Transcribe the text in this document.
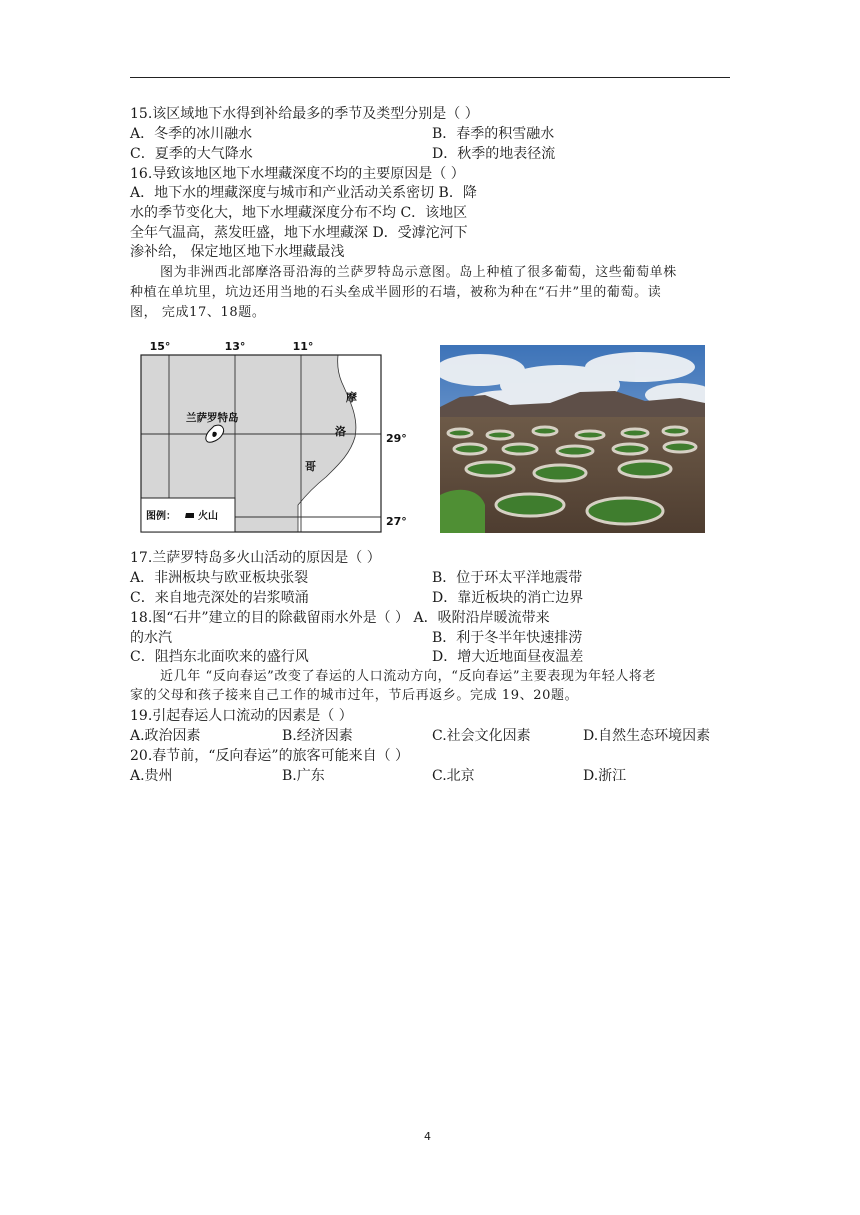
15.该区域地下水得到补给最多的季节及类型分别是（ ）
A．冬季的冰川融水	B．春季的积雪融水
C．夏季的大气降水	D．秋季的地表径流
16.导致该地区地下水埋藏深度不均的主要原因是（ ）
A．地下水的埋藏深度与城市和产业活动关系密切 B．降
水的季节变化大，地下水埋藏深度分布不均 C．该地区
全年气温高，蒸发旺盛，地下水埋藏深 D．受滹沱河下
渗补给， 保定地区地下水埋藏最浅
图为非洲西北部摩洛哥沿海的兰萨罗特岛示意图。岛上种植了很多葡萄，这些葡萄单株
种植在单坑里，坑边还用当地的石头垒成半圆形的石墙，被称为种在“石井”里的葡萄。读
图， 完成17、18题。
15°	13°	11°
29°
27°
兰萨罗特岛
摩
洛
哥
图例： 火山
17.兰萨罗特岛多火山活动的原因是（ ）
A．非洲板块与欧亚板块张裂	B．位于环太平洋地震带
C．来自地壳深处的岩浆喷涌	D．靠近板块的消亡边界
18.图“石井”建立的目的除截留雨水外是（ ） A．吸附沿岸暖流带来
的水汽	B．利于冬半年快速排涝
C．阻挡东北面吹来的盛行风	D．增大近地面昼夜温差
近几年 “反向春运”改变了春运的人口流动方向，“反向春运”主要表现为年轻人将老
家的父母和孩子接来自己工作的城市过年，节后再返乡。完成 19、20题。
19.引起春运人口流动的因素是（ ）
A.政治因素	B.经济因素	C.社会文化因素	D.自然生态环境因素
20.春节前，“反向春运”的旅客可能来自（ ）
A.贵州	B.广东	C.北京	D.浙江
4
